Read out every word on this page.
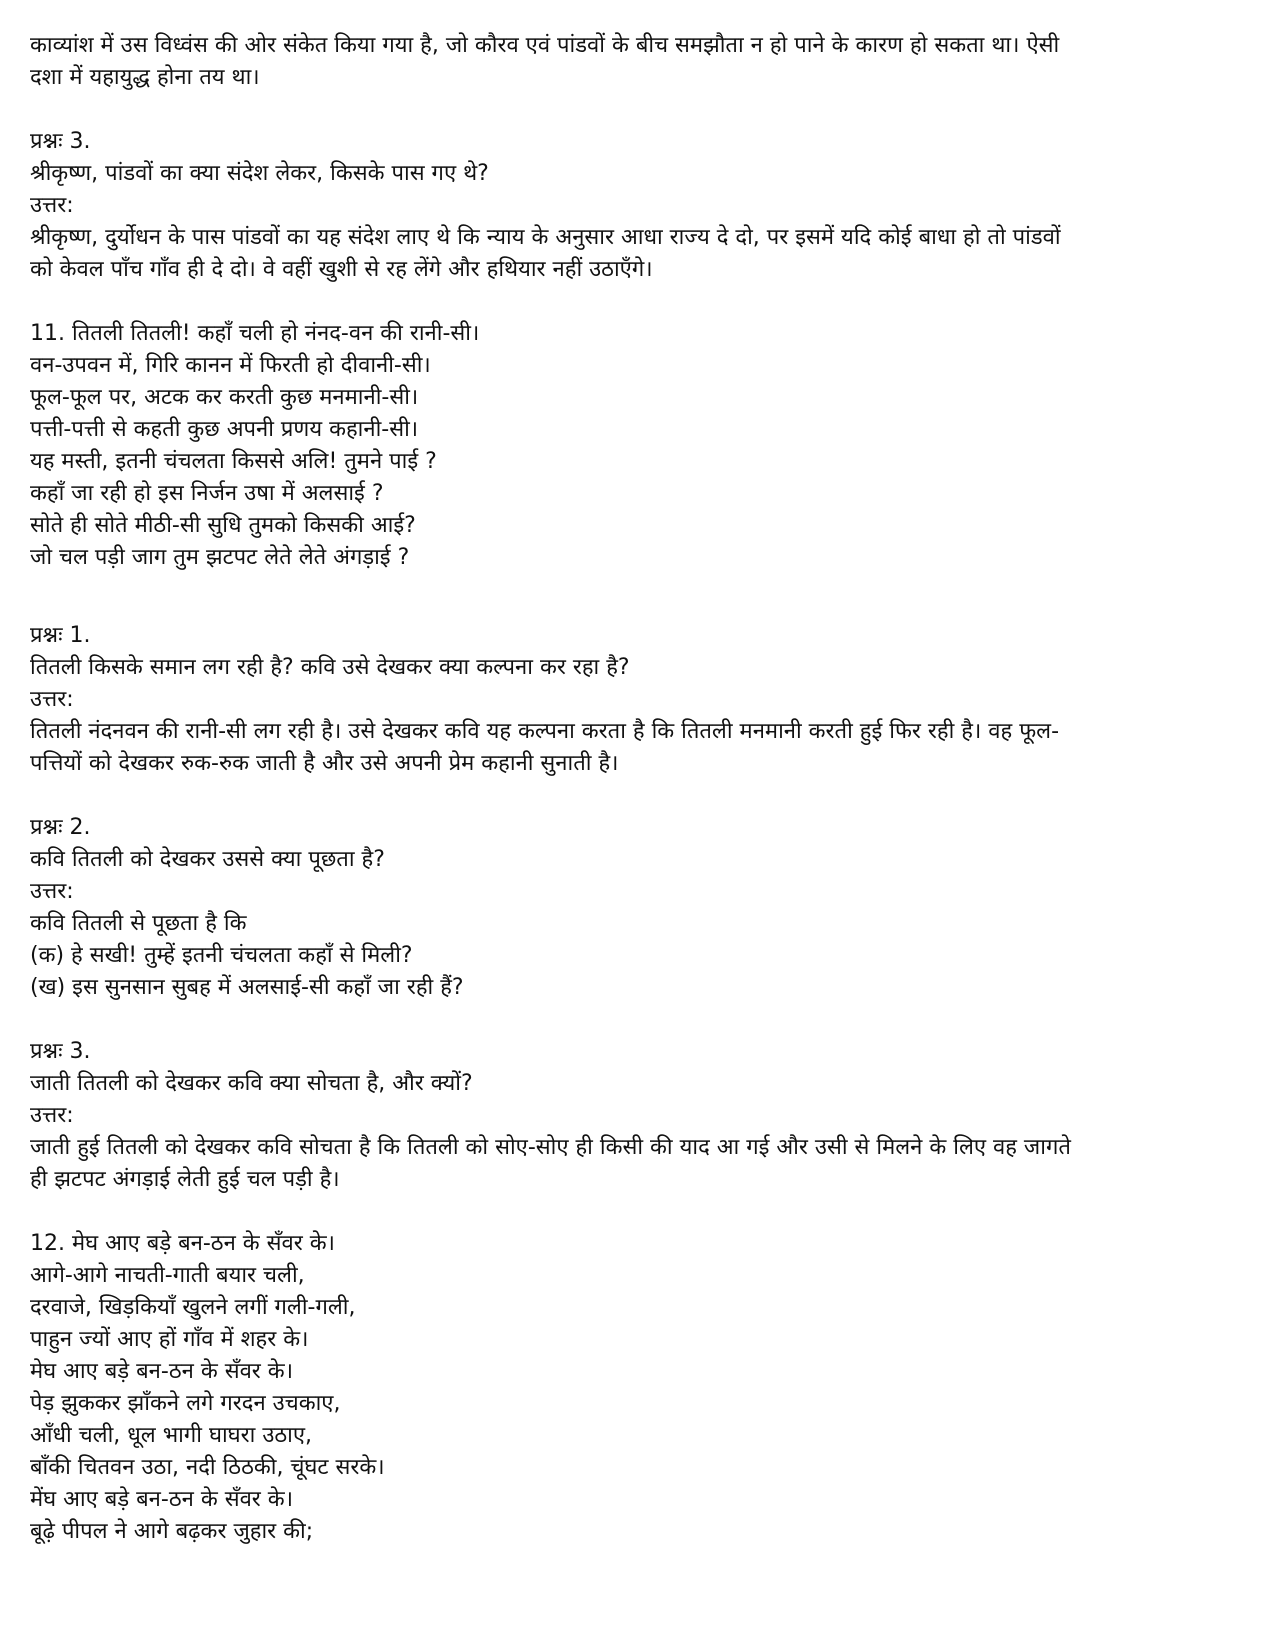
काव्यांश में उस विध्वंस की ओर संकेत किया गया है, जो कौरव एवं पांडवों के बीच समझौता न हो पाने के कारण हो सकता था। ऐसी
दशा में यहायुद्ध होना तय था।
प्रश्नः 3.
श्रीकृष्ण, पांडवों का क्या संदेश लेकर, किसके पास गए थे?
उत्तर:
श्रीकृष्ण, दुर्योधन के पास पांडवों का यह संदेश लाए थे कि न्याय के अनुसार आधा राज्य दे दो, पर इसमें यदि कोई बाधा हो तो पांडवों
को केवल पाँच गाँव ही दे दो। वे वहीं खुशी से रह लेंगे और हथियार नहीं उठाएँगे।
11. तितली तितली! कहाँ चली हो नंनद-वन की रानी-सी।
वन-उपवन में, गिरि कानन में फिरती हो दीवानी-सी।
फूल-फूल पर, अटक कर करती कुछ मनमानी-सी।
पत्ती-पत्ती से कहती कुछ अपनी प्रणय कहानी-सी।
यह मस्ती, इतनी चंचलता किससे अलि! तुमने पाई ?
कहाँ जा रही हो इस निर्जन उषा में अलसाई ?
सोते ही सोते मीठी-सी सुधि तुमको किसकी आई?
जो चल पड़ी जाग तुम झटपट लेते लेते अंगड़ाई ?
प्रश्नः 1.
तितली किसके समान लग रही है? कवि उसे देखकर क्या कल्पना कर रहा है?
उत्तर:
तितली नंदनवन की रानी-सी लग रही है। उसे देखकर कवि यह कल्पना करता है कि तितली मनमानी करती हुई फिर रही है। वह फूल-
पत्तियों को देखकर रुक-रुक जाती है और उसे अपनी प्रेम कहानी सुनाती है।
प्रश्नः 2.
कवि तितली को देखकर उससे क्या पूछता है?
उत्तर:
कवि तितली से पूछता है कि
(क) हे सखी! तुम्हें इतनी चंचलता कहाँ से मिली?
(ख) इस सुनसान सुबह में अलसाई-सी कहाँ जा रही हैं?
प्रश्नः 3.
जाती तितली को देखकर कवि क्या सोचता है, और क्यों?
उत्तर:
जाती हुई तितली को देखकर कवि सोचता है कि तितली को सोए-सोए ही किसी की याद आ गई और उसी से मिलने के लिए वह जागते
ही झटपट अंगड़ाई लेती हुई चल पड़ी है।
12. मेघ आए बड़े बन-ठन के सँवर के।
आगे-आगे नाचती-गाती बयार चली,
दरवाजे, खिड़कियाँ खुलने लगीं गली-गली,
पाहुन ज्यों आए हों गाँव में शहर के।
मेघ आए बड़े बन-ठन के सँवर के।
पेड़ झुककर झाँकने लगे गरदन उचकाए,
आँधी चली, धूल भागी घाघरा उठाए,
बाँकी चितवन उठा, नदी ठिठकी, चूंघट सरके।
मेंघ आए बड़े बन-ठन के सँवर के।
बूढ़े पीपल ने आगे बढ़कर जुहार की;
